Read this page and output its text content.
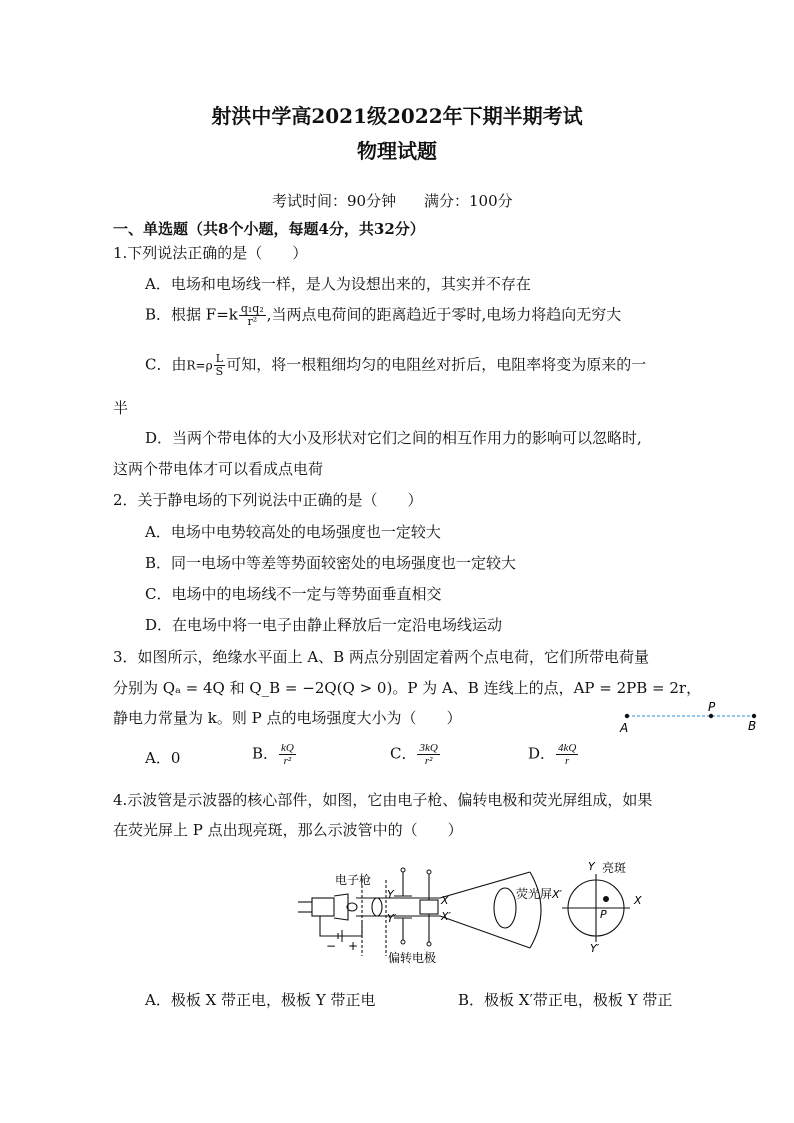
射洪中学高2021级2022年下期半期考试
物理试题
考试时间：90分钟 满分：100分
一、单选题（共8个小题，每题4分，共32分）
1.下列说法正确的是（　　）
A．电场和电场线一样，是人为设想出来的，其实并不存在
B．根据 $F=k \frac{\text{q₁q₂}}{\text{r²}}$ ,当两点电荷间的距离趋近于零时,电场力将趋向无穷大
C．由$R=\rho \frac{L}{S}$ 可知，将一根粗细均匀的电阻丝对折后，电阻率将变为原来的一
半
D．当两个带电体的大小及形状对它们之间的相互作用力的影响可以忽略时,
这两个带电体才可以看成点电荷
2．关于静电场的下列说法中正确的是（　　）
A．电场中电势较高处的电场强度也一定较大
B．同一电场中等差等势面较密处的电场强度也一定较大
C．电场中的电场线不一定与等势面垂直相交
D．在电场中将一电子由静止释放后一定沿电场线运动
3．如图所示，绝缘水平面上 A、B 两点分别固定着两个点电荷，它们所带电荷量
分别为 Qₐ = 4Q 和 Q_B = −2Q(Q > 0)。P 为 A、B 连线上的点，AP = 2PB = 2r，
静电力常量为 k。则 P 点的电场强度大小为（　　）
A
P
B
A．0	B． $\frac{kQ}{\text{r²}}$	C． $\frac{3kQ}{\text{r²}}$	D． $\frac{4kQ}{r}$
4.示波管是示波器的核心部件，如图，它由电子枪、偏转电极和荧光屏组成，如果
在荧光屏上 P 点出现亮斑，那么示波管中的（　　）
电子枪
偏转电极
− +
Y
Y′
X
X′
荧光屏
Y 亮斑
X′	X
P
Y′
A．极板 X 带正电，极板 Y 带正电	B．极板 X′带正电，极板 Y 带正
